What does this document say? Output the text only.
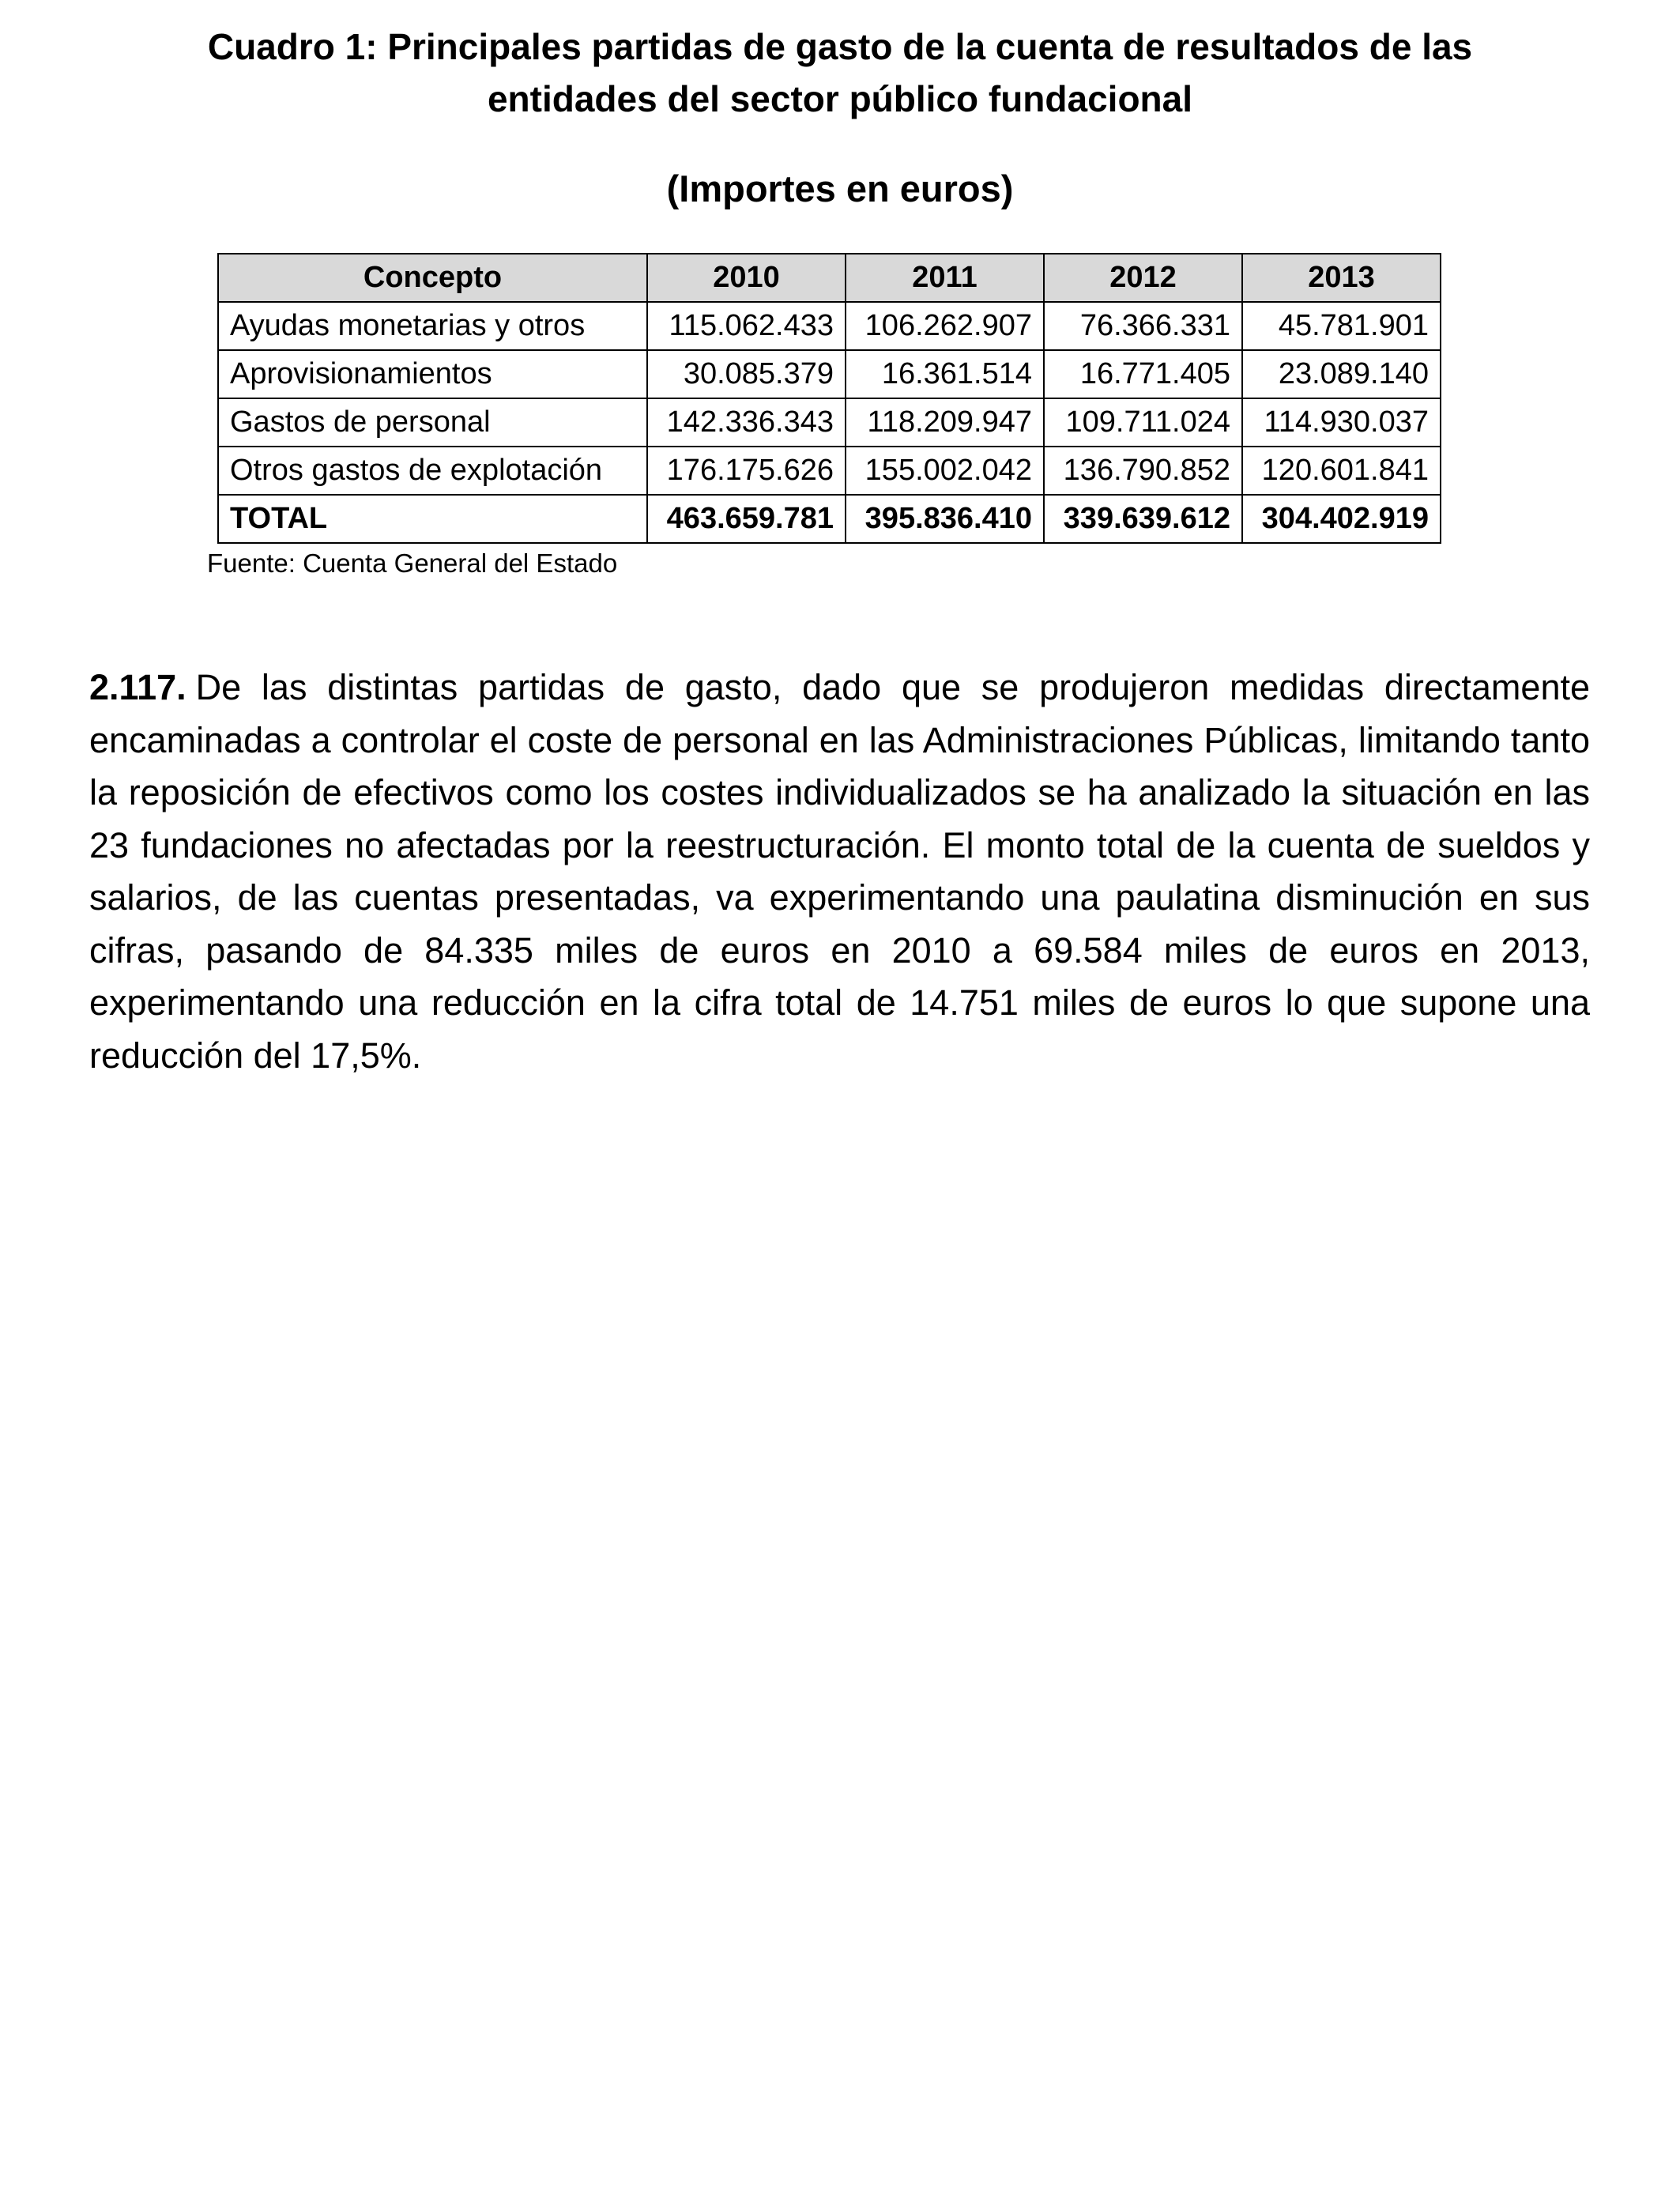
Cuadro 1: Principales partidas de gasto de la cuenta de resultados de las
entidades del sector público fundacional

(Importes en euros)

Concepto	2010	2011	2012	2013
Ayudas monetarias y otros	115.062.433	106.262.907	76.366.331	45.781.901
Aprovisionamientos	30.085.379	16.361.514	16.771.405	23.089.140
Gastos de personal	142.336.343	118.209.947	109.711.024	114.930.037
Otros gastos de explotación	176.175.626	155.002.042	136.790.852	120.601.841
TOTAL	463.659.781	395.836.410	339.639.612	304.402.919

Fuente: Cuenta General del Estado

2.117. De las distintas partidas de gasto, dado que se produjeron medidas directamente encaminadas a controlar el coste de personal en las Administraciones Públicas, limitando tanto la reposición de efectivos como los costes individualizados se ha analizado la situación en las 23 fundaciones no afectadas por la reestructuración. El monto total de la cuenta de sueldos y salarios, de las cuentas presentadas, va experimentando una paulatina disminución en sus cifras, pasando de 84.335 miles de euros en 2010 a 69.584 miles de euros en 2013, experimentando una reducción en la cifra total de 14.751 miles de euros lo que supone una reducción del 17,5%.
